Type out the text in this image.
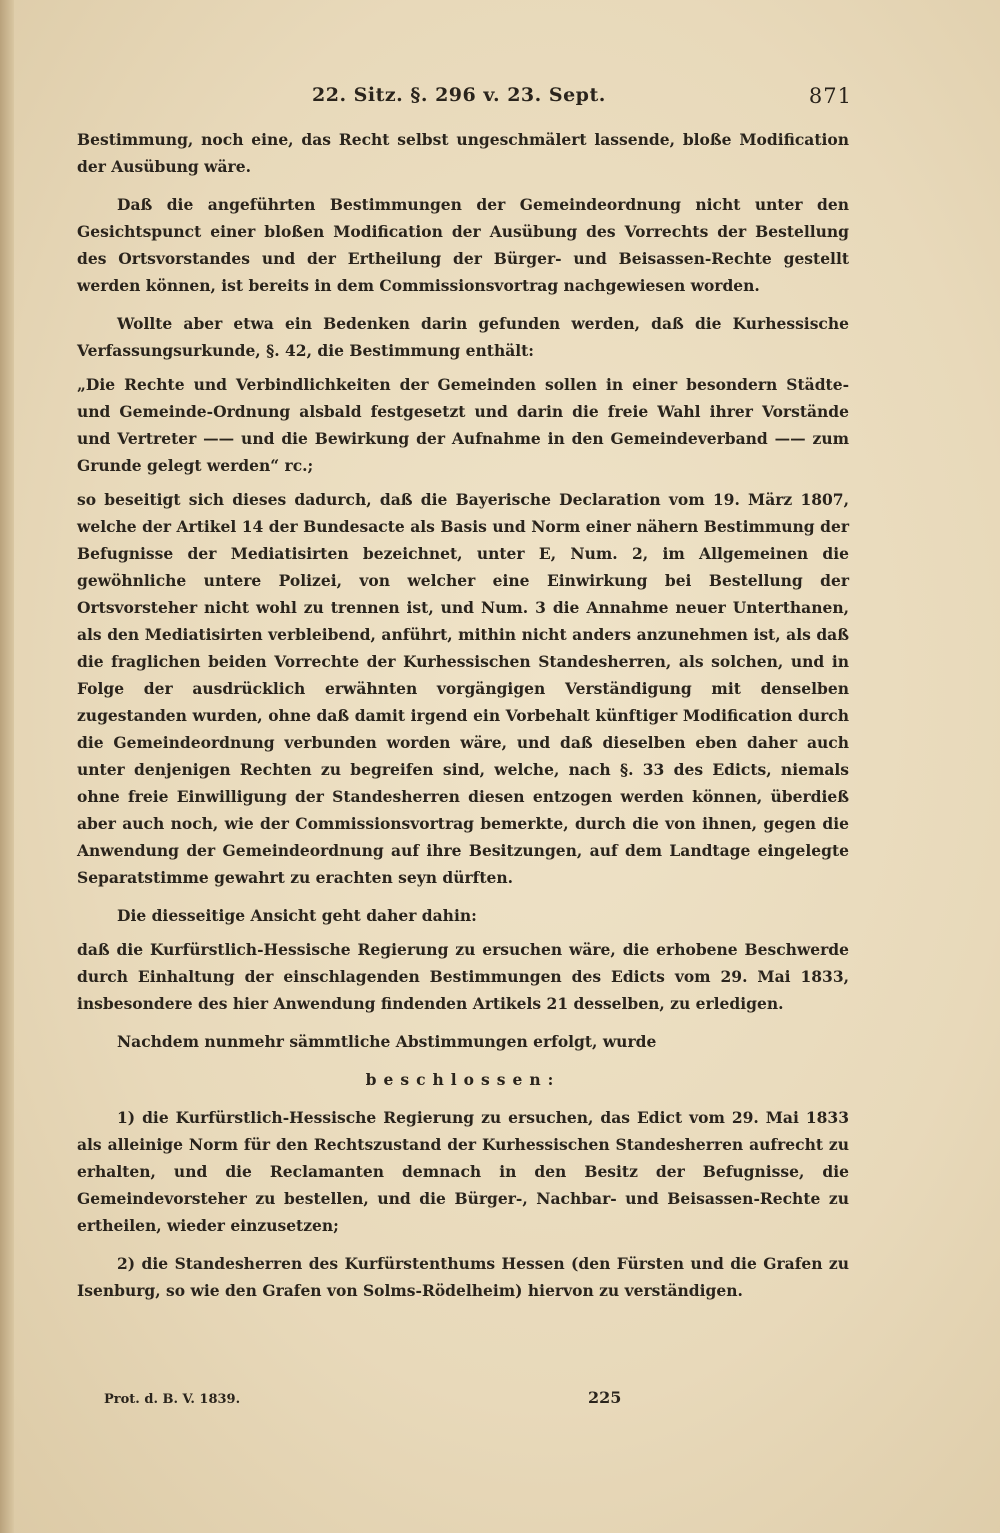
22. Sitz. §. 296 v. 23. Sept.	871

Bestimmung, noch eine, das Recht selbst ungeschmälert lassende, bloße Modification der Ausübung wäre.

Daß die angeführten Bestimmungen der Gemeindeordnung nicht unter den Gesichtspunct einer bloßen Modification der Ausübung des Vorrechts der Bestellung des Ortsvorstandes und der Ertheilung der Bürger- und Beisassen-Rechte gestellt werden können, ist bereits in dem Commissionsvortrag nachgewiesen worden.

Wollte aber etwa ein Bedenken darin gefunden werden, daß die Kurhessische Verfassungsurkunde, §. 42, die Bestimmung enthält:

„Die Rechte und Verbindlichkeiten der Gemeinden sollen in einer besondern Städte- und Gemeinde-Ordnung alsbald festgesetzt und darin die freie Wahl ihrer Vorstände und Vertreter —— und die Bewirkung der Aufnahme in den Gemeindeverband —— zum Grunde gelegt werden“ rc.;

so beseitigt sich dieses dadurch, daß die Bayerische Declaration vom 19. März 1807, welche der Artikel 14 der Bundesacte als Basis und Norm einer nähern Bestimmung der Befugnisse der Mediatisirten bezeichnet, unter E, Num. 2, im Allgemeinen die gewöhnliche untere Polizei, von welcher eine Einwirkung bei Bestellung der Ortsvorsteher nicht wohl zu trennen ist, und Num. 3 die Annahme neuer Unterthanen, als den Mediatisirten verbleibend, anführt, mithin nicht anders anzunehmen ist, als daß die fraglichen beiden Vorrechte der Kurhessischen Standesherren, als solchen, und in Folge der ausdrücklich erwähnten vorgängigen Verständigung mit denselben zugestanden wurden, ohne daß damit irgend ein Vorbehalt künftiger Modification durch die Gemeindeordnung verbunden worden wäre, und daß dieselben eben daher auch unter denjenigen Rechten zu begreifen sind, welche, nach §. 33 des Edicts, niemals ohne freie Einwilligung der Standesherren diesen entzogen werden können, überdieß aber auch noch, wie der Commissionsvortrag bemerkte, durch die von ihnen, gegen die Anwendung der Gemeindeordnung auf ihre Besitzungen, auf dem Landtage eingelegte Separatstimme gewahrt zu erachten seyn dürften.

Die diesseitige Ansicht geht daher dahin:

daß die Kurfürstlich-Hessische Regierung zu ersuchen wäre, die erhobene Beschwerde durch Einhaltung der einschlagenden Bestimmungen des Edicts vom 29. Mai 1833, insbesondere des hier Anwendung findenden Artikels 21 desselben, zu erledigen.

Nachdem nunmehr sämmtliche Abstimmungen erfolgt, wurde

beschlossen:

1) die Kurfürstlich-Hessische Regierung zu ersuchen, das Edict vom 29. Mai 1833 als alleinige Norm für den Rechtszustand der Kurhessischen Standesherren aufrecht zu erhalten, und die Reclamanten demnach in den Besitz der Befugnisse, die Gemeindevorsteher zu bestellen, und die Bürger-, Nachbar- und Beisassen-Rechte zu ertheilen, wieder einzusetzen;

2) die Standesherren des Kurfürstenthums Hessen (den Fürsten und die Grafen zu Isenburg, so wie den Grafen von Solms-Rödelheim) hiervon zu verständigen.

Prot. d. B. V. 1839.	225
